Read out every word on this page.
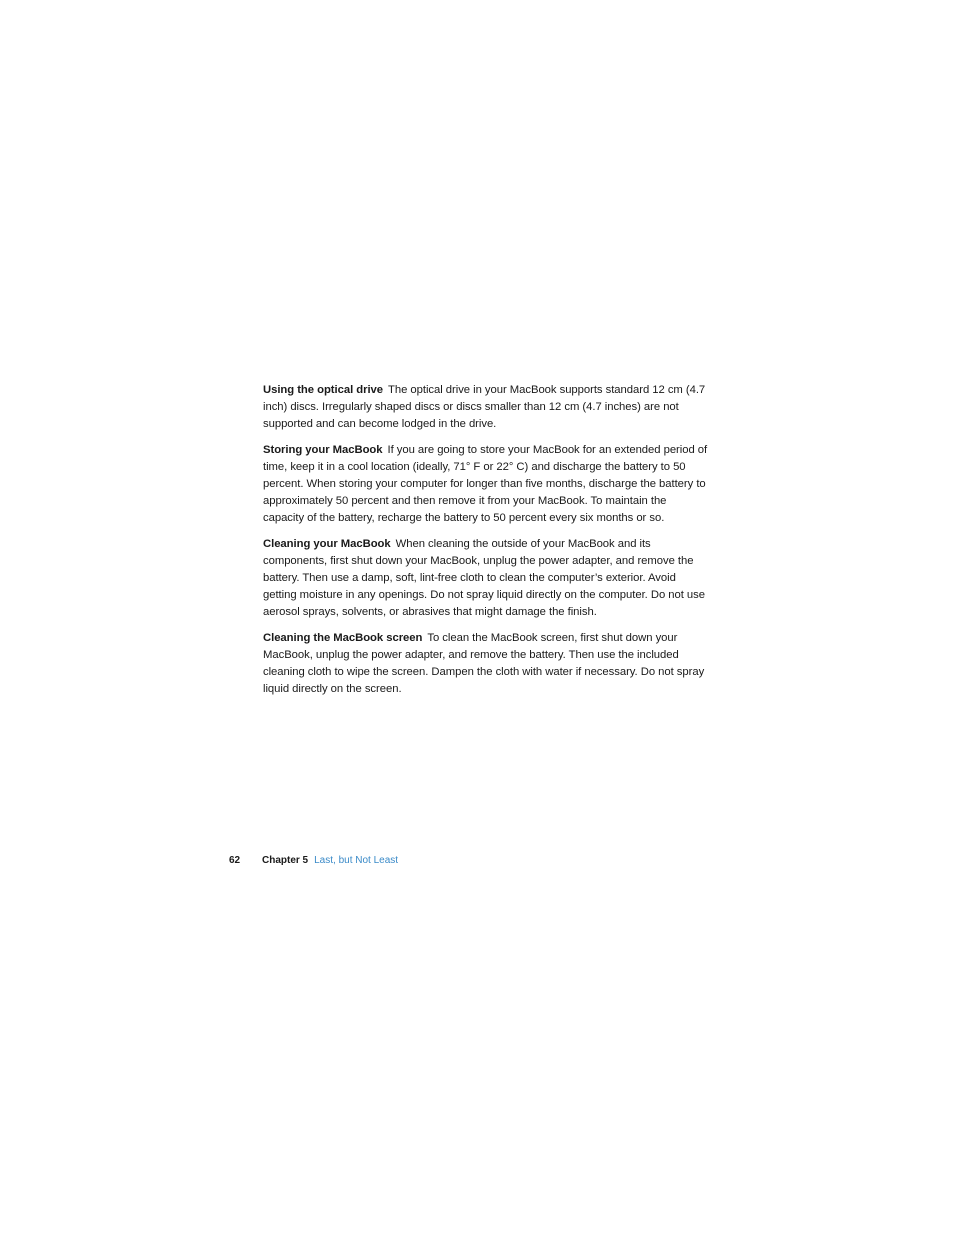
Using the optical drive The optical drive in your MacBook supports standard 12 cm (4.7 inch) discs. Irregularly shaped discs or discs smaller than 12 cm (4.7 inches) are not supported and can become lodged in the drive.

Storing your MacBook If you are going to store your MacBook for an extended period of time, keep it in a cool location (ideally, 71° F or 22° C) and discharge the battery to 50 percent. When storing your computer for longer than five months, discharge the battery to approximately 50 percent and then remove it from your MacBook. To maintain the capacity of the battery, recharge the battery to 50 percent every six months or so.

Cleaning your MacBook When cleaning the outside of your MacBook and its components, first shut down your MacBook, unplug the power adapter, and remove the battery. Then use a damp, soft, lint-free cloth to clean the computer’s exterior. Avoid getting moisture in any openings. Do not spray liquid directly on the computer. Do not use aerosol sprays, solvents, or abrasives that might damage the finish.

Cleaning the MacBook screen To clean the MacBook screen, first shut down your MacBook, unplug the power adapter, and remove the battery. Then use the included cleaning cloth to wipe the screen. Dampen the cloth with water if necessary. Do not spray liquid directly on the screen.

62 Chapter 5 Last, but Not Least
